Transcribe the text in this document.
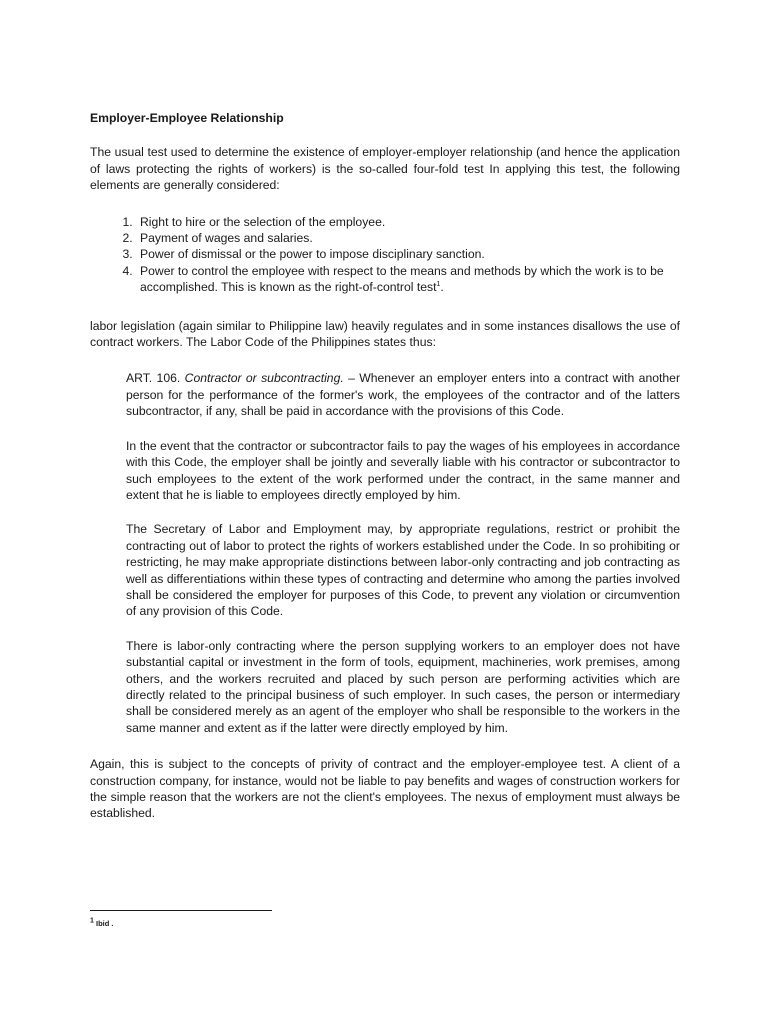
Employer-Employee Relationship

The usual test used to determine the existence of employer-employer relationship (and hence the application of laws protecting the rights of workers) is the so-called four-fold test In applying this test, the following elements are generally considered:

1. Right to hire or the selection of the employee.
2. Payment of wages and salaries.
3. Power of dismissal or the power to impose disciplinary sanction.
4. Power to control the employee with respect to the means and methods by which the work is to be accomplished. This is known as the right-of-control test$^1$.

labor legislation (again similar to Philippine law) heavily regulates and in some instances disallows the use of contract workers. The Labor Code of the Philippines states thus:

ART. 106. Contractor or subcontracting. – Whenever an employer enters into a contract with another person for the performance of the former's work, the employees of the contractor and of the latters subcontractor, if any, shall be paid in accordance with the provisions of this Code.

In the event that the contractor or subcontractor fails to pay the wages of his employees in accordance with this Code, the employer shall be jointly and severally liable with his contractor or subcontractor to such employees to the extent of the work performed under the contract, in the same manner and extent that he is liable to employees directly employed by him.

The Secretary of Labor and Employment may, by appropriate regulations, restrict or prohibit the contracting out of labor to protect the rights of workers established under the Code. In so prohibiting or restricting, he may make appropriate distinctions between labor-only contracting and job contracting as well as differentiations within these types of contracting and determine who among the parties involved shall be considered the employer for purposes of this Code, to prevent any violation or circumvention of any provision of this Code.

There is labor-only contracting where the person supplying workers to an employer does not have substantial capital or investment in the form of tools, equipment, machineries, work premises, among others, and the workers recruited and placed by such person are performing activities which are directly related to the principal business of such employer. In such cases, the person or intermediary shall be considered merely as an agent of the employer who shall be responsible to the workers in the same manner and extent as if the latter were directly employed by him.

Again, this is subject to the concepts of privity of contract and the employer-employee test. A client of a construction company, for instance, would not be liable to pay benefits and wages of construction workers for the simple reason that the workers are not the client's employees. The nexus of employment must always be established.

$^1$ Ibid .
